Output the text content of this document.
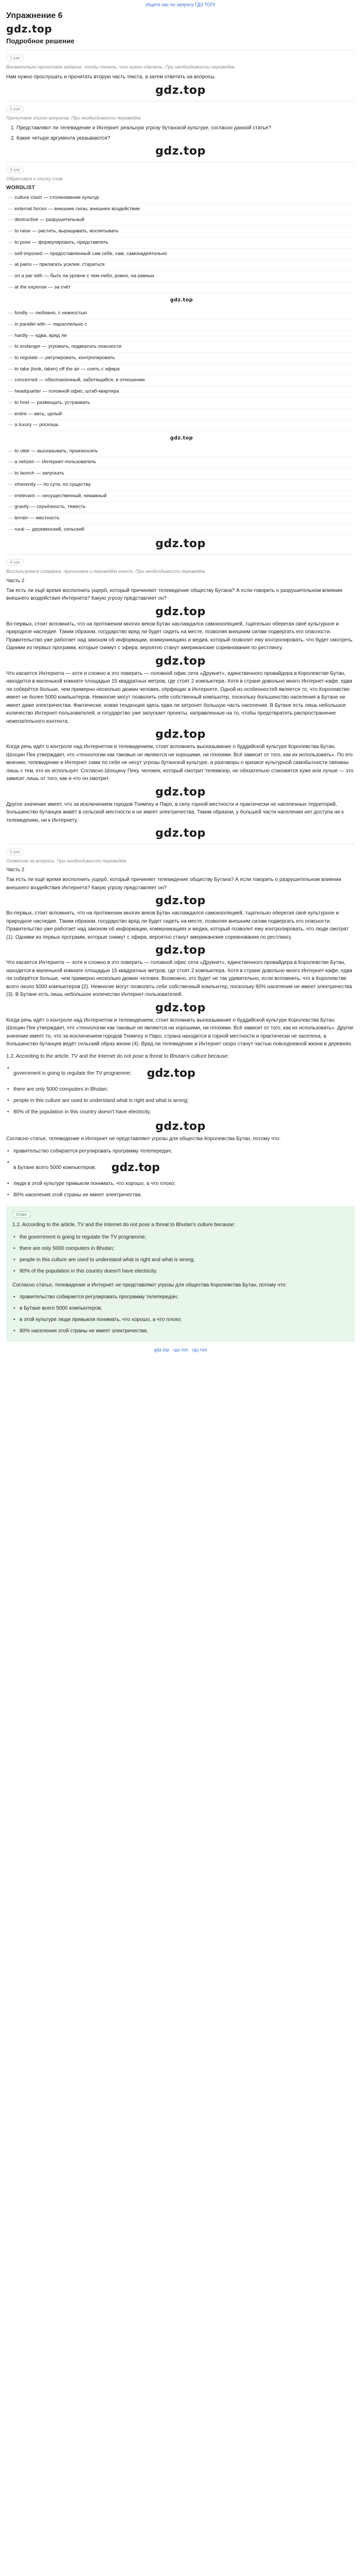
Ищите нас по запросу ГДЗ ТОП!
Упражнение 6
gdz.top
Подробное решение
1 шаг
Внимательно прочитаем задание, чтобы понять, что нужно сделать. При необходимости переведём.

Нам нужно прослушать и прочитать вторую часть текста, а затем ответить на вопросы.

gdz.top
2 шаг
Прочитаем список вопросов. При необходимости переведём.
1. Представляют ли телевидение и Интернет реальную угрозу бутанской культуре, согласно данной статье?
2. Какие четыре аргумента указываются?
gdz.top
3 шаг
Обратимся к списку слов.
WORDLIST
— culture clash — столкновение культур
— external forces — внешние силы, внешнее воздействие
— destructive — разрушительный
— to raise — растить, выращивать, воспитывать
— to pose — формулировать, представлять
— self-imposed — предоставленный сам себе, сам, самонадеятельно
— at pains — прилагать усилия, стараться
— on a par with — быть на уровне с чем-либо, ровно, на равных
— at the expense — за счёт
gdz.top
— fondly — любовно, с нежностью
— in parallel with — параллельно с
— hardly — едва, вряд ли
— to endanger — угрожать, подвергать опасности
— to regulate — регулировать, контролировать
— to take (took, taken) off the air — снять с эфира
— concerned — обеспокоенный, заботящийся, в отношении
— headquarter — головной офис, штаб-квартира
— to host — размещать, устраивать
— entire — весь, целый
— a luxury — роскошь
gdz.top
— to utter — высказывать, произносить
— a netizen — Интернет-пользователь
— to launch — запускать
— inherently — по сути, по существу
— irrelevant — несущественный, неважный
— gravity — серьёзность, тяжесть
— terrain — местность
— rural — деревенский, сельский
gdz.top
4 шаг
Воспользуемся словарем, прочитаем и переведём текст. При необходимости переведём.
Часть 2

Так есть ли ещё время восполнить ущерб, который причиняют телевидение обществу Бутана? А если говорить о разрушительном влиянии внешнего воздействия Интернета? Какую угрозу представляет он?

gdz.top

Во-первых, стоит вспомнить, что на протяжении многих веков Бутан наслаждался самоизоляцией, тщательно оберегая своё культурное и природное наследие. Таким образом, государство вряд ли будет сидеть на месте, позволяя внешним силам подвергать его опасности. Правительство уже работает над законом об информации, коммуникациях и медиа, который позволит ему контролировать, что будет смотреть. Одними из первых программ, которые снимут с эфира, вероятно станут американские соревнования по рестлингу.

gdz.top

Что касается Интернета — хотя и сложно в это поверить — головной офис сети «Друкнет», единственного провайдера в Королевстве Бутан, находится в маленькой комнате площадью 15 квадратных метров, где стоят 2 компьютера. Хотя в стране довольно много Интернет-кафе, едва ли соберётся больше, чем примерно несколько дюжин человек, сёрфящих в Интернете. Одной из особенностей является то, что Королевство имеет не более 5000 компьютеров. Немногие могут позволить себе собственный компьютер, поскольку большинство населения в Бутане не имеет даже электричества. Фактически, новая тенденция здесь едва ли затронет большую часть населения. В Бутане есть лишь небольшое количество Интернет-пользователей, и государство уже запускает проекты, направленные на то, чтобы предотвратить распространение нежелательного контента.

gdz.top

Когда речь идёт о контроле над Интернетом и телевидением, стоит вспомнить высказывание о буддийской культуре Королевства Бутан. Шохцин Пек утверждает, что «технологии как таковые не являются ни хорошими, ни плохими. Всё зависит от того, как их использовать». По его мнению, телевидение и Интернет сами по себе не несут угрозы бутанской культуре, а разговоры о кризисе культурной самобытности связаны лишь с тем, кто их использует. Согласно Шохцину Пеку, человек, который смотрит телевизор, не обязательно становится хуже или лучше — это зависит лишь от того, как и что он смотрит.

gdz.top

Другое значение имеет, что за исключением городов Тхимпху и Паро, в силу горной местности и практически не населенных территорий, большинство бутанцев живёт в сельской местности и не имеет электричества. Таким образом, у большей части населения нет доступа ни к телевидению, ни к Интернету.

gdz.top
5 шаг
Ответим на вопросы. При необходимости переведём.
Часть 2

Так есть ли ещё время восполнить ущерб, который причиняет телевидение обществу Бутана? А если говорить о разрушительном влиянии внешнего воздействия Интернета? Какую угрозу представляет он?

gdz.top

Во-первых, стоит вспомнить, что на протяжении многих веков Бутан наслаждался самоизоляцией, тщательно оберегая своё культурное и природное наследие. Таким образом, государство вряд ли будет сидеть на месте, позволяя внешним силам подвергать его опасности. Правительство уже работает над законом об информации, коммуникациях и медиа, который позволит ему контролировать, что люди смотрят (1). Одними из первых программ, которые снимут с эфира, вероятно станут американские соревнования по рестлингу.

gdz.top

Что касается Интернета — хотя и сложно в это поверить — головной офис сети «Друкнет», единственного провайдера в Королевстве Бутан, находится в маленькой комнате площадью 15 квадратных метров, где стоят 2 компьютера. Хотя в стране довольно много Интернет-кафе, едва ли соберётся больше, чем примерно несколько дюжин человек. Возможно, это будет не так удивительно, если вспомнить, что в Королевстве всего около 5000 компьютеров (2). Немногие могут позволить себе собственный компьютер, поскольку 80% населения не имеет электричества (3). В Бутане есть лишь небольшое количество Интернет-пользователей.

gdz.top

Когда речь идёт о контроле над Интернетом и телевидением, стоит вспомнить высказывание о буддийской культуре Королевства Бутан. Шохцин Пек утверждает, что «технологии как таковые не являются ни хорошими, ни плохими. Всё зависит от того, как их использовать». Другое значение имеет то, что за исключением городов Тхимпху и Паро, страна находится в горной местности и практически не заселена, а большинство бутанцев ведёт сельский образ жизни (4). Вряд ли телевидение и Интернет скоро станут частью повседневной жизни в деревнях.

1.2. According to the article, TV and the Internet do not pose a threat to Bhutan's culture because:

• government is going to regulate the TV programme; gdz.top
• there are only 5000 computers in Bhutan;
• people in this culture are used to understand what is right and what is wrong;
• 80% of the population in this country doesn't have electricity.
gdz.top

Согласно статье, телевидение и Интернет не представляют угрозы для общества Королевства Бутан, потому что:

• правительство собирается регулировать программу телепередач;
• в Бутане всего 5000 компьютеров; gdz.top
• люди в этой культуре привыкли понимать, что хорошо, а что плохо;
• 80% населения этой страны не имеет электричества.
Ответ

1.2. According to the article, TV and the Internet do not pose a threat to Bhutan's culture because:

• the government is going to regulate the TV programme;
• there are only 5000 computers in Bhutan;
• people in this culture are used to understand what is right and what is wrong;
• 80% of the population in this country doesn't have electricity.

Согласно статье, телевидение и Интернет не представляют угрозы для общества Королевства Бутан, потому что:

• правительство собирается регулировать программу телепередач;
• в Бутане всего 5000 компьютеров;
• в этой культуре люди привыкли понимать, что хорошо, а что плохо;
• 80% населения этой страны не имеет электричества.
gdz.top · гдз топ · гдз.топ
